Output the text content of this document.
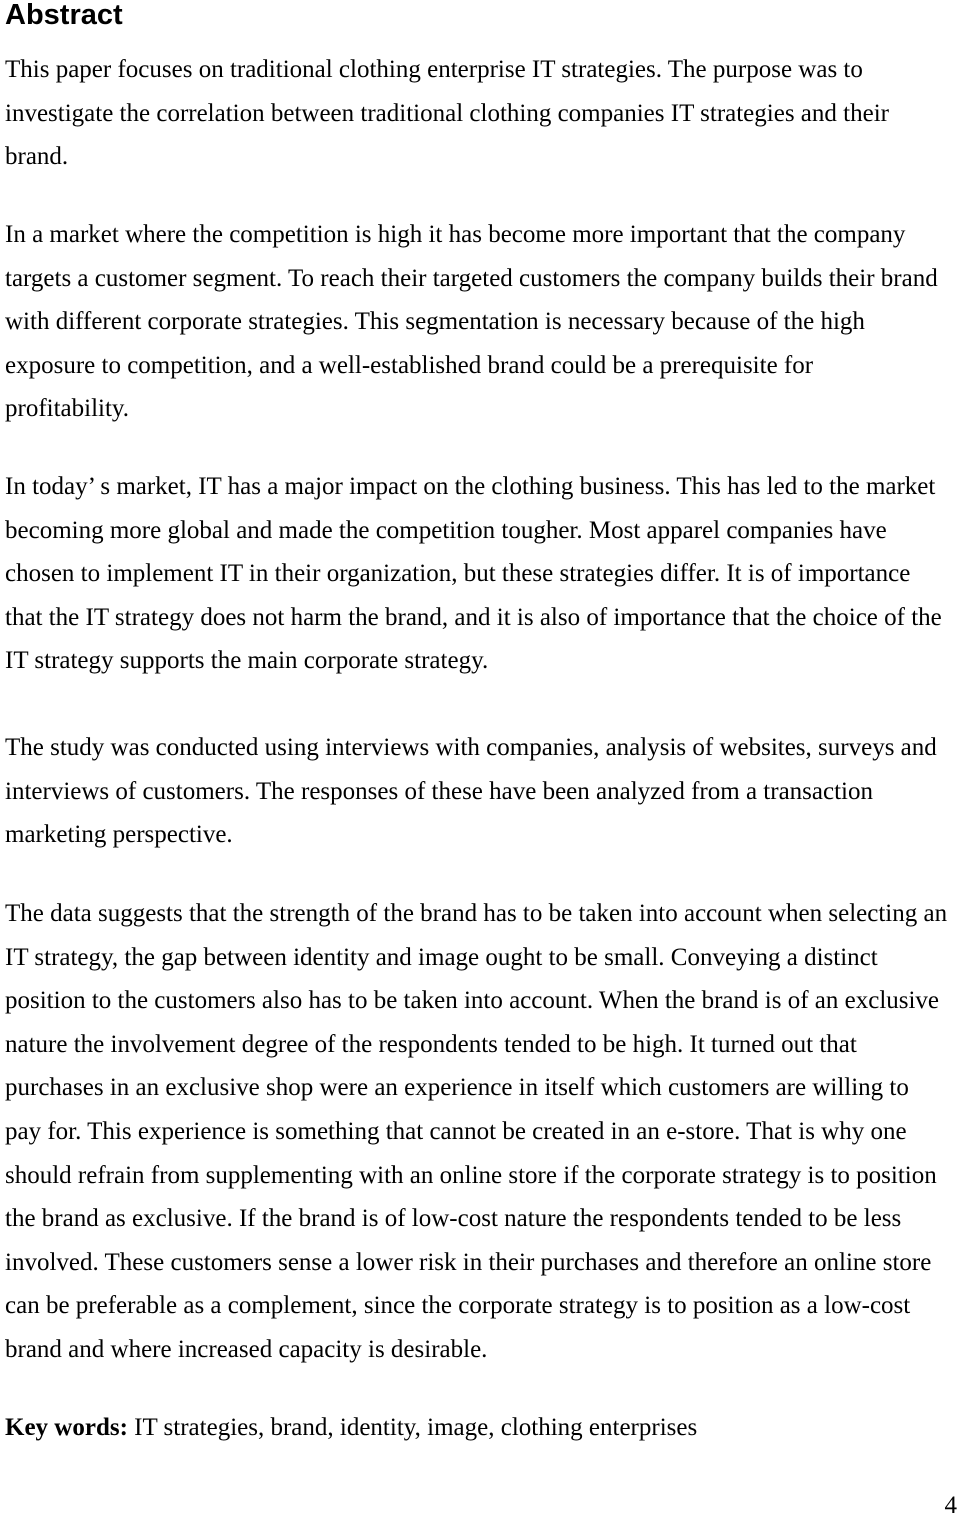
Abstract
This paper focuses on traditional clothing enterprise IT strategies. The purpose was to
investigate the correlation between traditional clothing companies IT strategies and their
brand.
In a market where the competition is high it has become more important that the company
targets a customer segment. To reach their targeted customers the company builds their brand
with different corporate strategies. This segmentation is necessary because of the high
exposure to competition, and a well-established brand could be a prerequisite for
profitability.
In today’ s market, IT has a major impact on the clothing business. This has led to the market
becoming more global and made the competition tougher. Most apparel companies have
chosen to implement IT in their organization, but these strategies differ. It is of importance
that the IT strategy does not harm the brand, and it is also of importance that the choice of the
IT strategy supports the main corporate strategy.
The study was conducted using interviews with companies, analysis of websites, surveys and
interviews of customers. The responses of these have been analyzed from a transaction
marketing perspective.
The data suggests that the strength of the brand has to be taken into account when selecting an
IT strategy, the gap between identity and image ought to be small. Conveying a distinct
position to the customers also has to be taken into account. When the brand is of an exclusive
nature the involvement degree of the respondents tended to be high. It turned out that
purchases in an exclusive shop were an experience in itself which customers are willing to
pay for. This experience is something that cannot be created in an e-store. That is why one
should refrain from supplementing with an online store if the corporate strategy is to position
the brand as exclusive. If the brand is of low-cost nature the respondents tended to be less
involved. These customers sense a lower risk in their purchases and therefore an online store
can be preferable as a complement, since the corporate strategy is to position as a low-cost
brand and where increased capacity is desirable.
Key words: IT strategies, brand, identity, image, clothing enterprises
4
